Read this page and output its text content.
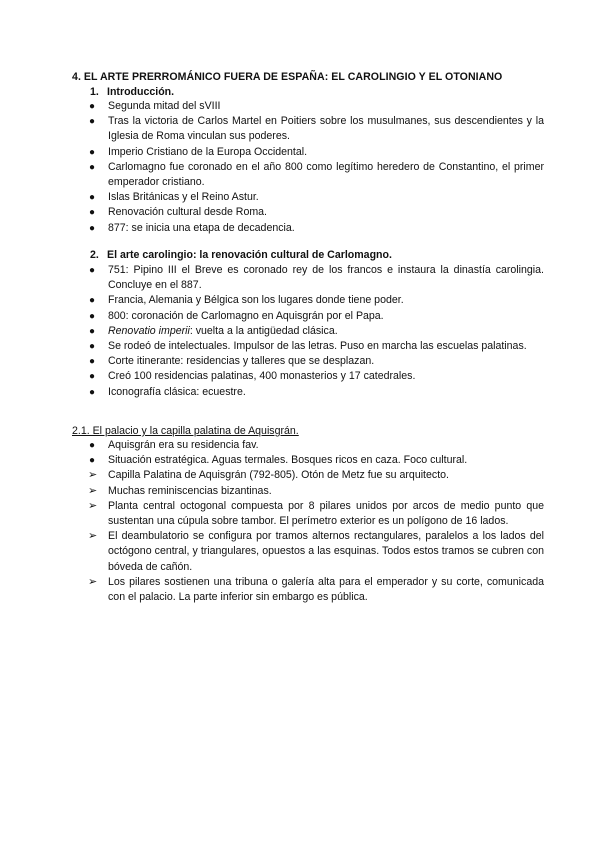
4. EL ARTE PRERROMÁNICO FUERA DE ESPAÑA: EL CAROLINGIO Y EL OTONIANO
1. Introducción.
●	Segunda mitad del sVIII
●	Tras la victoria de Carlos Martel en Poitiers sobre los musulmanes, sus descendientes y la Iglesia de Roma vinculan sus poderes.
●	Imperio Cristiano de la Europa Occidental.
●	Carlomagno fue coronado en el año 800 como legítimo heredero de Constantino, el primer emperador cristiano.
●	Islas Británicas y el Reino Astur.
●	Renovación cultural desde Roma.
●	877: se inicia una etapa de decadencia.
2. El arte carolingio: la renovación cultural de Carlomagno.
●	751: Pipino III el Breve es coronado rey de los francos e instaura la dinastía carolingia. Concluye en el 887.
●	Francia, Alemania y Bélgica son los lugares donde tiene poder.
●	800: coronación de Carlomagno en Aquisgrán por el Papa.
●	Renovatio imperii: vuelta a la antigüedad clásica.
●	Se rodeó de intelectuales. Impulsor de las letras. Puso en marcha las escuelas palatinas.
●	Corte itinerante: residencias y talleres que se desplazan.
●	Creó 100 residencias palatinas, 400 monasterios y 17 catedrales.
●	Iconografía clásica: ecuestre.
2.1. El palacio y la capilla palatina de Aquisgrán.
●	Aquisgrán era su residencia fav.
●	Situación estratégica. Aguas termales. Bosques ricos en caza. Foco cultural.
➢	Capilla Palatina de Aquisgrán (792-805). Otón de Metz fue su arquitecto.
➢	Muchas reminiscencias bizantinas.
➢	Planta central octogonal compuesta por 8 pilares unidos por arcos de medio punto que sustentan una cúpula sobre tambor. El perímetro exterior es un polígono de 16 lados.
➢	El deambulatorio se configura por tramos alternos rectangulares, paralelos a los lados del octógono central, y triangulares, opuestos a las esquinas. Todos estos tramos se cubren con bóveda de cañón.
➢	Los pilares sostienen una tribuna o galería alta para el emperador y su corte, comunicada con el palacio. La parte inferior sin embargo es pública.
